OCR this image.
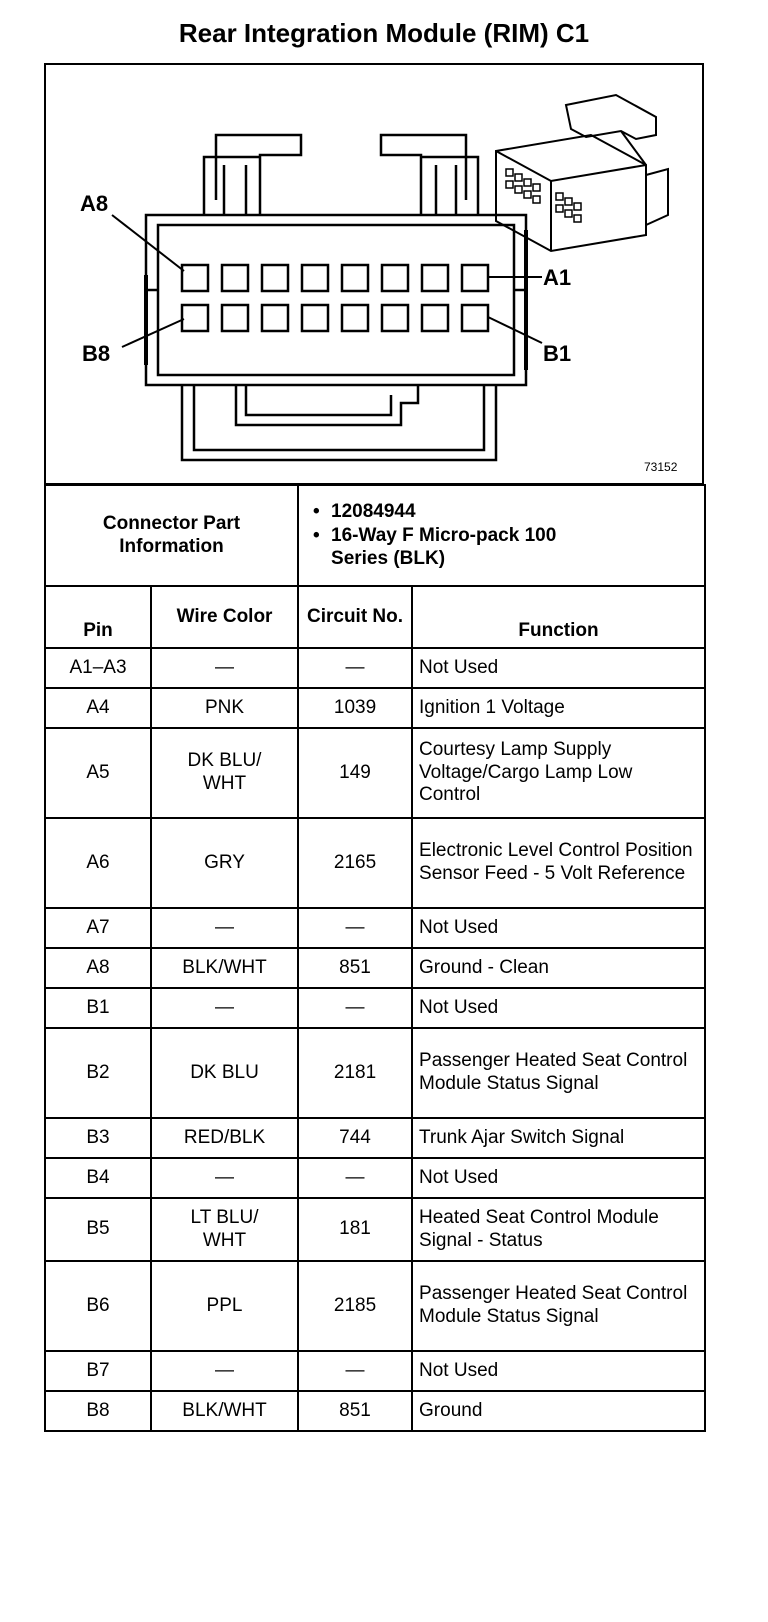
Rear Integration Module (RIM) C1
A8
A1
B8	B1
73152
Connector Part Information		• 12084944
• 16-Way F Micro-pack 100 Series (BLK)

Pin	Wire Color	Circuit No.	Function
A1–A3	—	—	Not Used
A4	PNK	1039	Ignition 1 Voltage
A5	DK BLU/ WHT	149	Courtesy Lamp Supply Voltage/Cargo Lamp Low Control
A6	GRY	2165	Electronic Level Control Position Sensor Feed - 5 Volt Reference
A7	—	—	Not Used
A8	BLK/WHT	851	Ground - Clean
B1	—	—	Not Used
B2	DK BLU	2181	Passenger Heated Seat Control Module Status Signal
B3	RED/BLK	744	Trunk Ajar Switch Signal
B4	—	—	Not Used
B5	LT BLU/ WHT	181	Heated Seat Control Module Signal - Status
B6	PPL	2185	Passenger Heated Seat Control Module Status Signal
B7	—	—	Not Used
B8	BLK/WHT	851	Ground
